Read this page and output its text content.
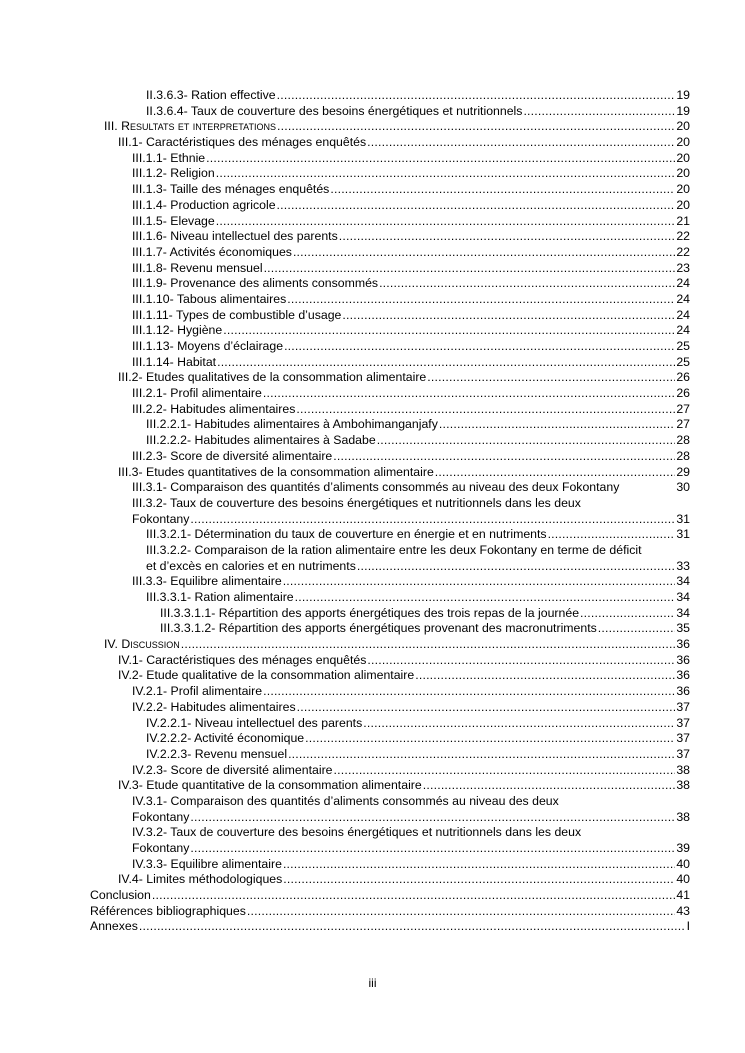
II.3.6.3- Ration effective .....	19
II.3.6.4- Taux de couverture des besoins énergétiques et nutritionnels .....	19
III. Resultats et interpretations .....	20
III.1- Caractéristiques des ménages enquêtés .....	20
III.1.1- Ethnie .....	20
III.1.2- Religion .....	20
III.1.3- Taille des ménages enquêtés .....	20
III.1.4- Production agricole .....	20
III.1.5- Elevage .....	21
III.1.6- Niveau intellectuel des parents .....	22
III.1.7- Activités économiques .....	22
III.1.8- Revenu mensuel .....	23
III.1.9- Provenance des aliments consommés .....	24
III.1.10- Tabous alimentaires .....	24
III.1.11- Types de combustible d’usage .....	24
III.1.12- Hygiène .....	24
III.1.13- Moyens d’éclairage .....	25
III.1.14- Habitat .....	25
III.2- Etudes qualitatives de la consommation alimentaire .....	26
III.2.1- Profil alimentaire .....	26
III.2.2- Habitudes alimentaires .....	27
III.2.2.1- Habitudes alimentaires à Ambohimanganjafy .....	27
III.2.2.2- Habitudes alimentaires à Sadabe .....	28
III.2.3- Score de diversité alimentaire .....	28
III.3- Etudes quantitatives de la consommation alimentaire .....	29
III.3.1- Comparaison des quantités d’aliments consommés au niveau des deux Fokontany	30
III.3.2- Taux de couverture des besoins énergétiques et nutritionnels dans les deux
Fokontany .....	31
III.3.2.1- Détermination du taux de couverture en énergie et en nutriments .....	31
III.3.2.2- Comparaison de la ration alimentaire entre les deux Fokontany en terme de déficit
et d’excès en calories et en nutriments .....	33
III.3.3- Equilibre alimentaire .....	34
III.3.3.1- Ration alimentaire .....	34
III.3.3.1.1- Répartition des apports énergétiques des trois repas de la journée .....	34
III.3.3.1.2- Répartition des apports énergétiques provenant des macronutriments .....	35
IV. Discussion .....	36
IV.1- Caractéristiques des ménages enquêtés .....	36
IV.2- Etude qualitative de la consommation alimentaire .....	36
IV.2.1- Profil alimentaire .....	36
IV.2.2- Habitudes alimentaires .....	37
IV.2.2.1- Niveau intellectuel des parents .....	37
IV.2.2.2- Activité économique .....	37
IV.2.2.3- Revenu mensuel .....	37
IV.2.3- Score de diversité alimentaire .....	38
IV.3- Etude quantitative de la consommation alimentaire .....	38
IV.3.1- Comparaison des quantités d’aliments consommés au niveau des deux
Fokontany .....	38
IV.3.2- Taux de couverture des besoins énergétiques et nutritionnels dans les deux
Fokontany .....	39
IV.3.3- Equilibre alimentaire .....	40
IV.4- Limites méthodologiques .....	40
Conclusion .....	41
Références bibliographiques .....	43
Annexes .....	I
iii
